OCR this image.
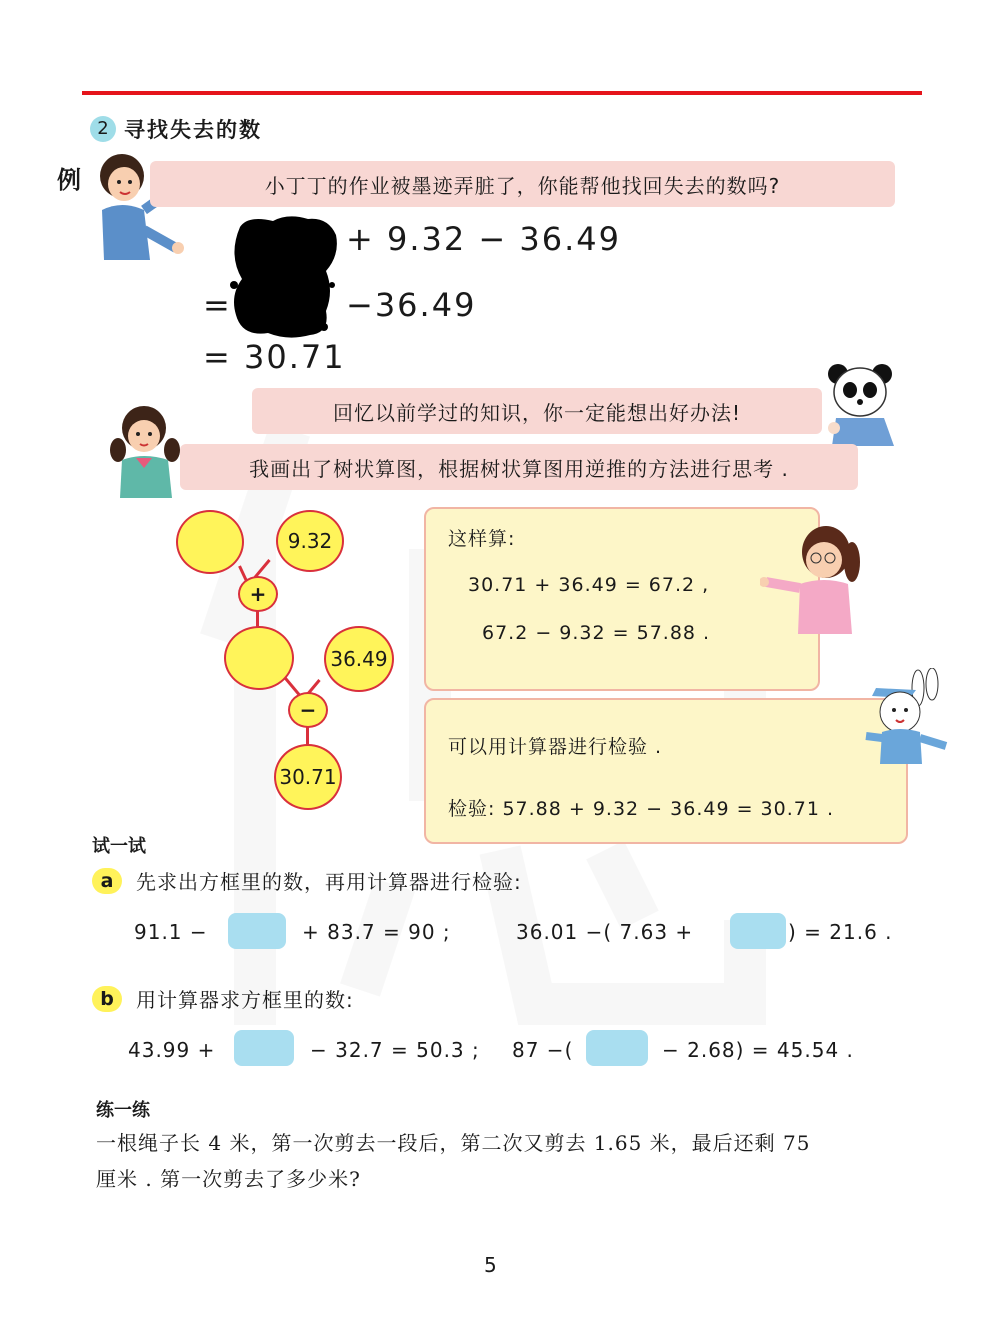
2 寻找失去的数
例	小丁丁的作业被墨迹弄脏了，你能帮他找回失去的数吗?
+ 9.32 − 36.49
=	−36.49
= 30.71
回忆以前学过的知识，你一定能想出好办法!
我画出了树状算图，根据树状算图用逆推的方法进行思考 .
9.32
+
36.49
−
30.71
这样算:
30.71 + 36.49 = 67.2 ,
67.2 − 9.32 = 57.88 .
可以用计算器进行检验 .
检验: 57.88 + 9.32 − 36.49 = 30.71 .
试一试
a	先求出方框里的数，再用计算器进行检验:
91.1 −	+ 83.7 = 90 ;	36.01 −( 7.63 +	) = 21.6 .
b	用计算器求方框里的数:
43.99 +	− 32.7 = 50.3 ; 87 −(	− 2.68) = 45.54 .
练一练
一根绳子长 4 米，第一次剪去一段后，第二次又剪去 1.65 米，最后还剩 75
厘米 . 第一次剪去了多少米?
5
